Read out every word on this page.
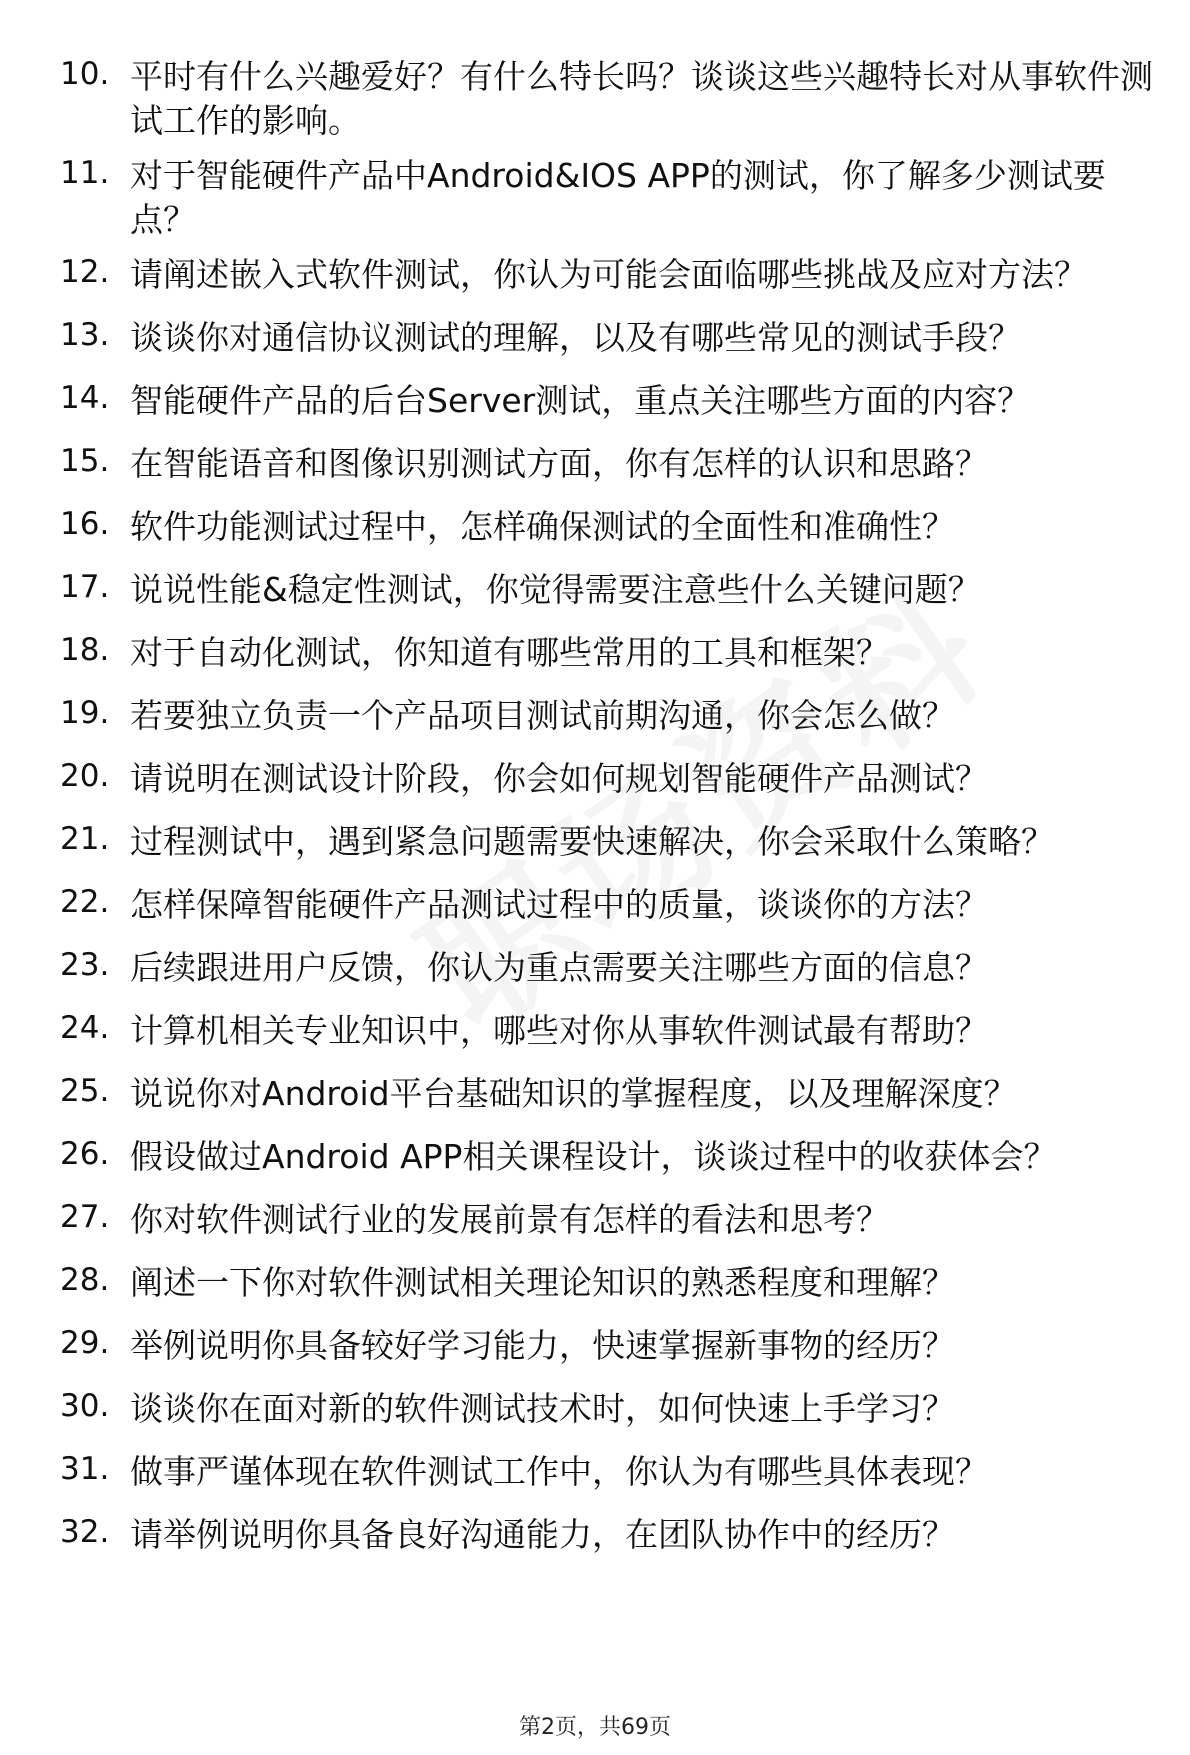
10. 平时有什么兴趣爱好？有什么特长吗？谈谈这些兴趣特长对从事软件测试工作的影响。
11. 对于智能硬件产品中Android&IOS APP的测试，你了解多少测试要点？
12. 请阐述嵌入式软件测试，你认为可能会面临哪些挑战及应对方法？
13. 谈谈你对通信协议测试的理解，以及有哪些常见的测试手段？
14. 智能硬件产品的后台Server测试，重点关注哪些方面的内容？
15. 在智能语音和图像识别测试方面，你有怎样的认识和思路？
16. 软件功能测试过程中，怎样确保测试的全面性和准确性？
17. 说说性能&稳定性测试，你觉得需要注意些什么关键问题？
18. 对于自动化测试，你知道有哪些常用的工具和框架？
19. 若要独立负责一个产品项目测试前期沟通，你会怎么做？
20. 请说明在测试设计阶段，你会如何规划智能硬件产品测试？
21. 过程测试中，遇到紧急问题需要快速解决，你会采取什么策略？
22. 怎样保障智能硬件产品测试过程中的质量，谈谈你的方法？
23. 后续跟进用户反馈，你认为重点需要关注哪些方面的信息？
24. 计算机相关专业知识中，哪些对你从事软件测试最有帮助？
25. 说说你对Android平台基础知识的掌握程度，以及理解深度？
26. 假设做过Android APP相关课程设计，谈谈过程中的收获体会？
27. 你对软件测试行业的发展前景有怎样的看法和思考？
28. 阐述一下你对软件测试相关理论知识的熟悉程度和理解？
29. 举例说明你具备较好学习能力，快速掌握新事物的经历？
30. 谈谈你在面对新的软件测试技术时，如何快速上手学习？
31. 做事严谨体现在软件测试工作中，你认为有哪些具体表现？
32. 请举例说明你具备良好沟通能力，在团队协作中的经历？
第2页，共69页
